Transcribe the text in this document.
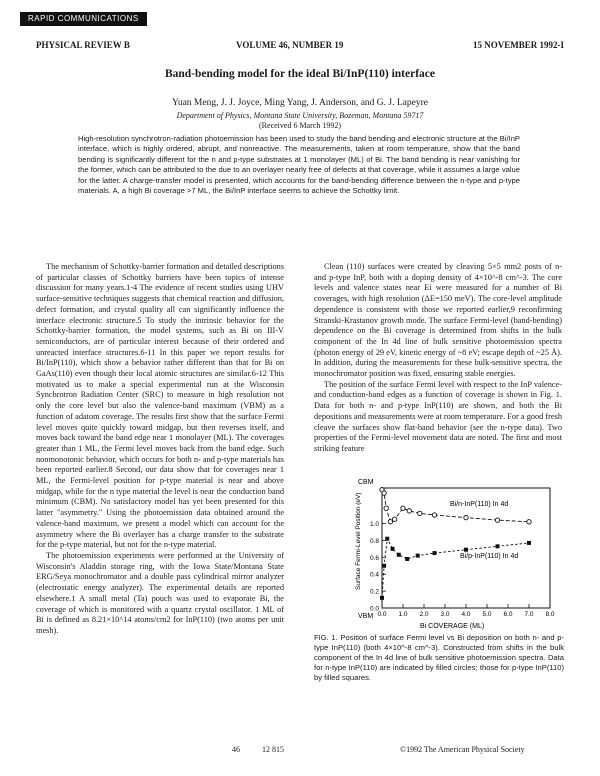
RAPID COMMUNICATIONS
PHYSICAL REVIEW B	VOLUME 46, NUMBER 19	15 NOVEMBER 1992-I
Band-bending model for the ideal Bi/InP(110) interface
Yuan Meng, J. J. Joyce, Ming Yang, J. Anderson, and G. J. Lapeyre
Department of Physics, Montana State University, Bozeman, Montana 59717
(Received 6 March 1992)
High-resolution synchrotron-radiation photoemission has been used to study the band bending and electronic structure at the Bi/InP interface, which is highly ordered, abrupt, and nonreactive. The measurements, taken at room temperature, show that the band bending is significantly different for the n and p-type substrates at 1 monolayer (ML) of Bi. The band bending is near vanishing for the former, which can be attributed to the due to an overlayer nearly free of defects at that coverage, while it assumes a large value for the latter. A charge-transfer model is presented, which accounts for the band-bending difference between the n-type and p-type materials. A, a high Bi coverage >7 ML, the Bi/InP interface seems to achieve the Schottky limit.

The mechanism of Schottky-barrier formation and detailed descriptions of particular classes of Schottky barriers have been topics of intense discussion for many years.1-4 The evidence of recent studies using UHV surface-sensitive techniques suggests that chemical reaction and diffusion, defect formation, and crystal quality all can significantly influence the interface electronic structure.5 To study the intrinsic behavior for the Schottky-barrier formation, the model systems, such as Bi on III-V semiconductors, are of particular interest because of their ordered and unreacted interface structures.6-11 In this paper we report results for Bi/InP(110), which show a behavior rather different than that for Bi on GaAs(110) even though their local atomic structures are similar.6-12 This motivated us to make a special experimental run at the Wisconsin Synchrotron Radiation Center (SRC) to measure in high resolution not only the core level but also the valence-band maximum (VBM) as a function of adatom coverage. The results first show that the surface Fermi level moves quite quickly toward midgap, but then reverses itself, and moves back toward the band edge near 1 monolayer (ML). The coverages greater than 1 ML, the Fermi level moves back from the band edge. Such nonmonotonic behavior, which occurs for both n- and p-type materials has been reported earlier.8 Second, our data show that for coverages near 1 ML, the Fermi-level position for p-type material is near and above midgap, while for the n type material the level is near the conduction band minimum (CBM). No satisfactory model has yet been presented for this latter "asymmetry." Using the photoemission data obtained around the valence-band maximum, we present a model which can account for the asymmetry where the Bi overlayer has a charge transfer to the substrate for the p-type material, but not for the n-type material.

The photoemission experiments were performed at the University of Wisconsin's Aladdin storage ring, with the Iowa State/Montana State ERG/Seya monochromator and a double pass cylindrical mirror analyzer (electrostatic energy analyzer). The experimental details are reported elsewhere.1 A small metal (Ta) pouch was used to evaporate Bi, the coverage of which is monitored with a quartz crystal oscillator. 1 ML of Bi is defined as 8.21×10^14 atoms/cm2 for InP(110) (two atoms per unit mesh).

Clean (110) surfaces were created by cleaving 5×5 mm2 posts of n- and p-type InP, both with a doping density of 4×10^-8 cm^-3. The core levels and valence states near Ei were measured for a number of Bi coverages, with high resolution (ΔE=150 meV). The core-level amplitude dependence is consistent with those we reported earlier,9 reconfirming Stranski-Krastanov growth mode. The surface Fermi-level (band-bending) dependence on the Bi coverage is determined from shifts in the bulk component of the In 4d line of bulk sensitive photoemission spectra (photon energy of 29 eV, kinetic energy of ~8 eV; escape depth of ~25 Å). In addition, during the measurements for these bulk-sensitive spectra, the monochromator position was fixed, ensuring stable energies.

The position of the surface Fermi level with respect to the InP valence- and conduction-band edges as a function of coverage is shown in Fig. 1. Data for both n- and p-type InP(110) are shown, and both the Bi depositions and measurements were at room temperature. For a good fresh cleave the surfaces show flat-band behavior (see the n-type data). Two properties of the Fermi-level movement data are noted. The first and most striking feature

1.0
0.8
0.6
0.4
0.2
0.0
0.0 1.0 2.0 3.0 4.0 5.0 6.0 7.0 8.0
CBM
VBM
Bi/n-InP(110) In 4d
Bi/p-InP(110) In 4d
Surface Fermi-Level Position (eV)
Bi COVERAGE (ML)
FIG. 1. Position of surface Fermi level vs Bi deposition on both n- and p-type InP(110) (both 4×10^-8 cm^-3). Constructed from shifts in the bulk component of the In 4d line of bulk sensitive photoemission spectra. Data for n-type InP(110) are indicated by filled circles; those for p-type InP(110) by filled squares.
46	12 815	©1992 The American Physical Society
